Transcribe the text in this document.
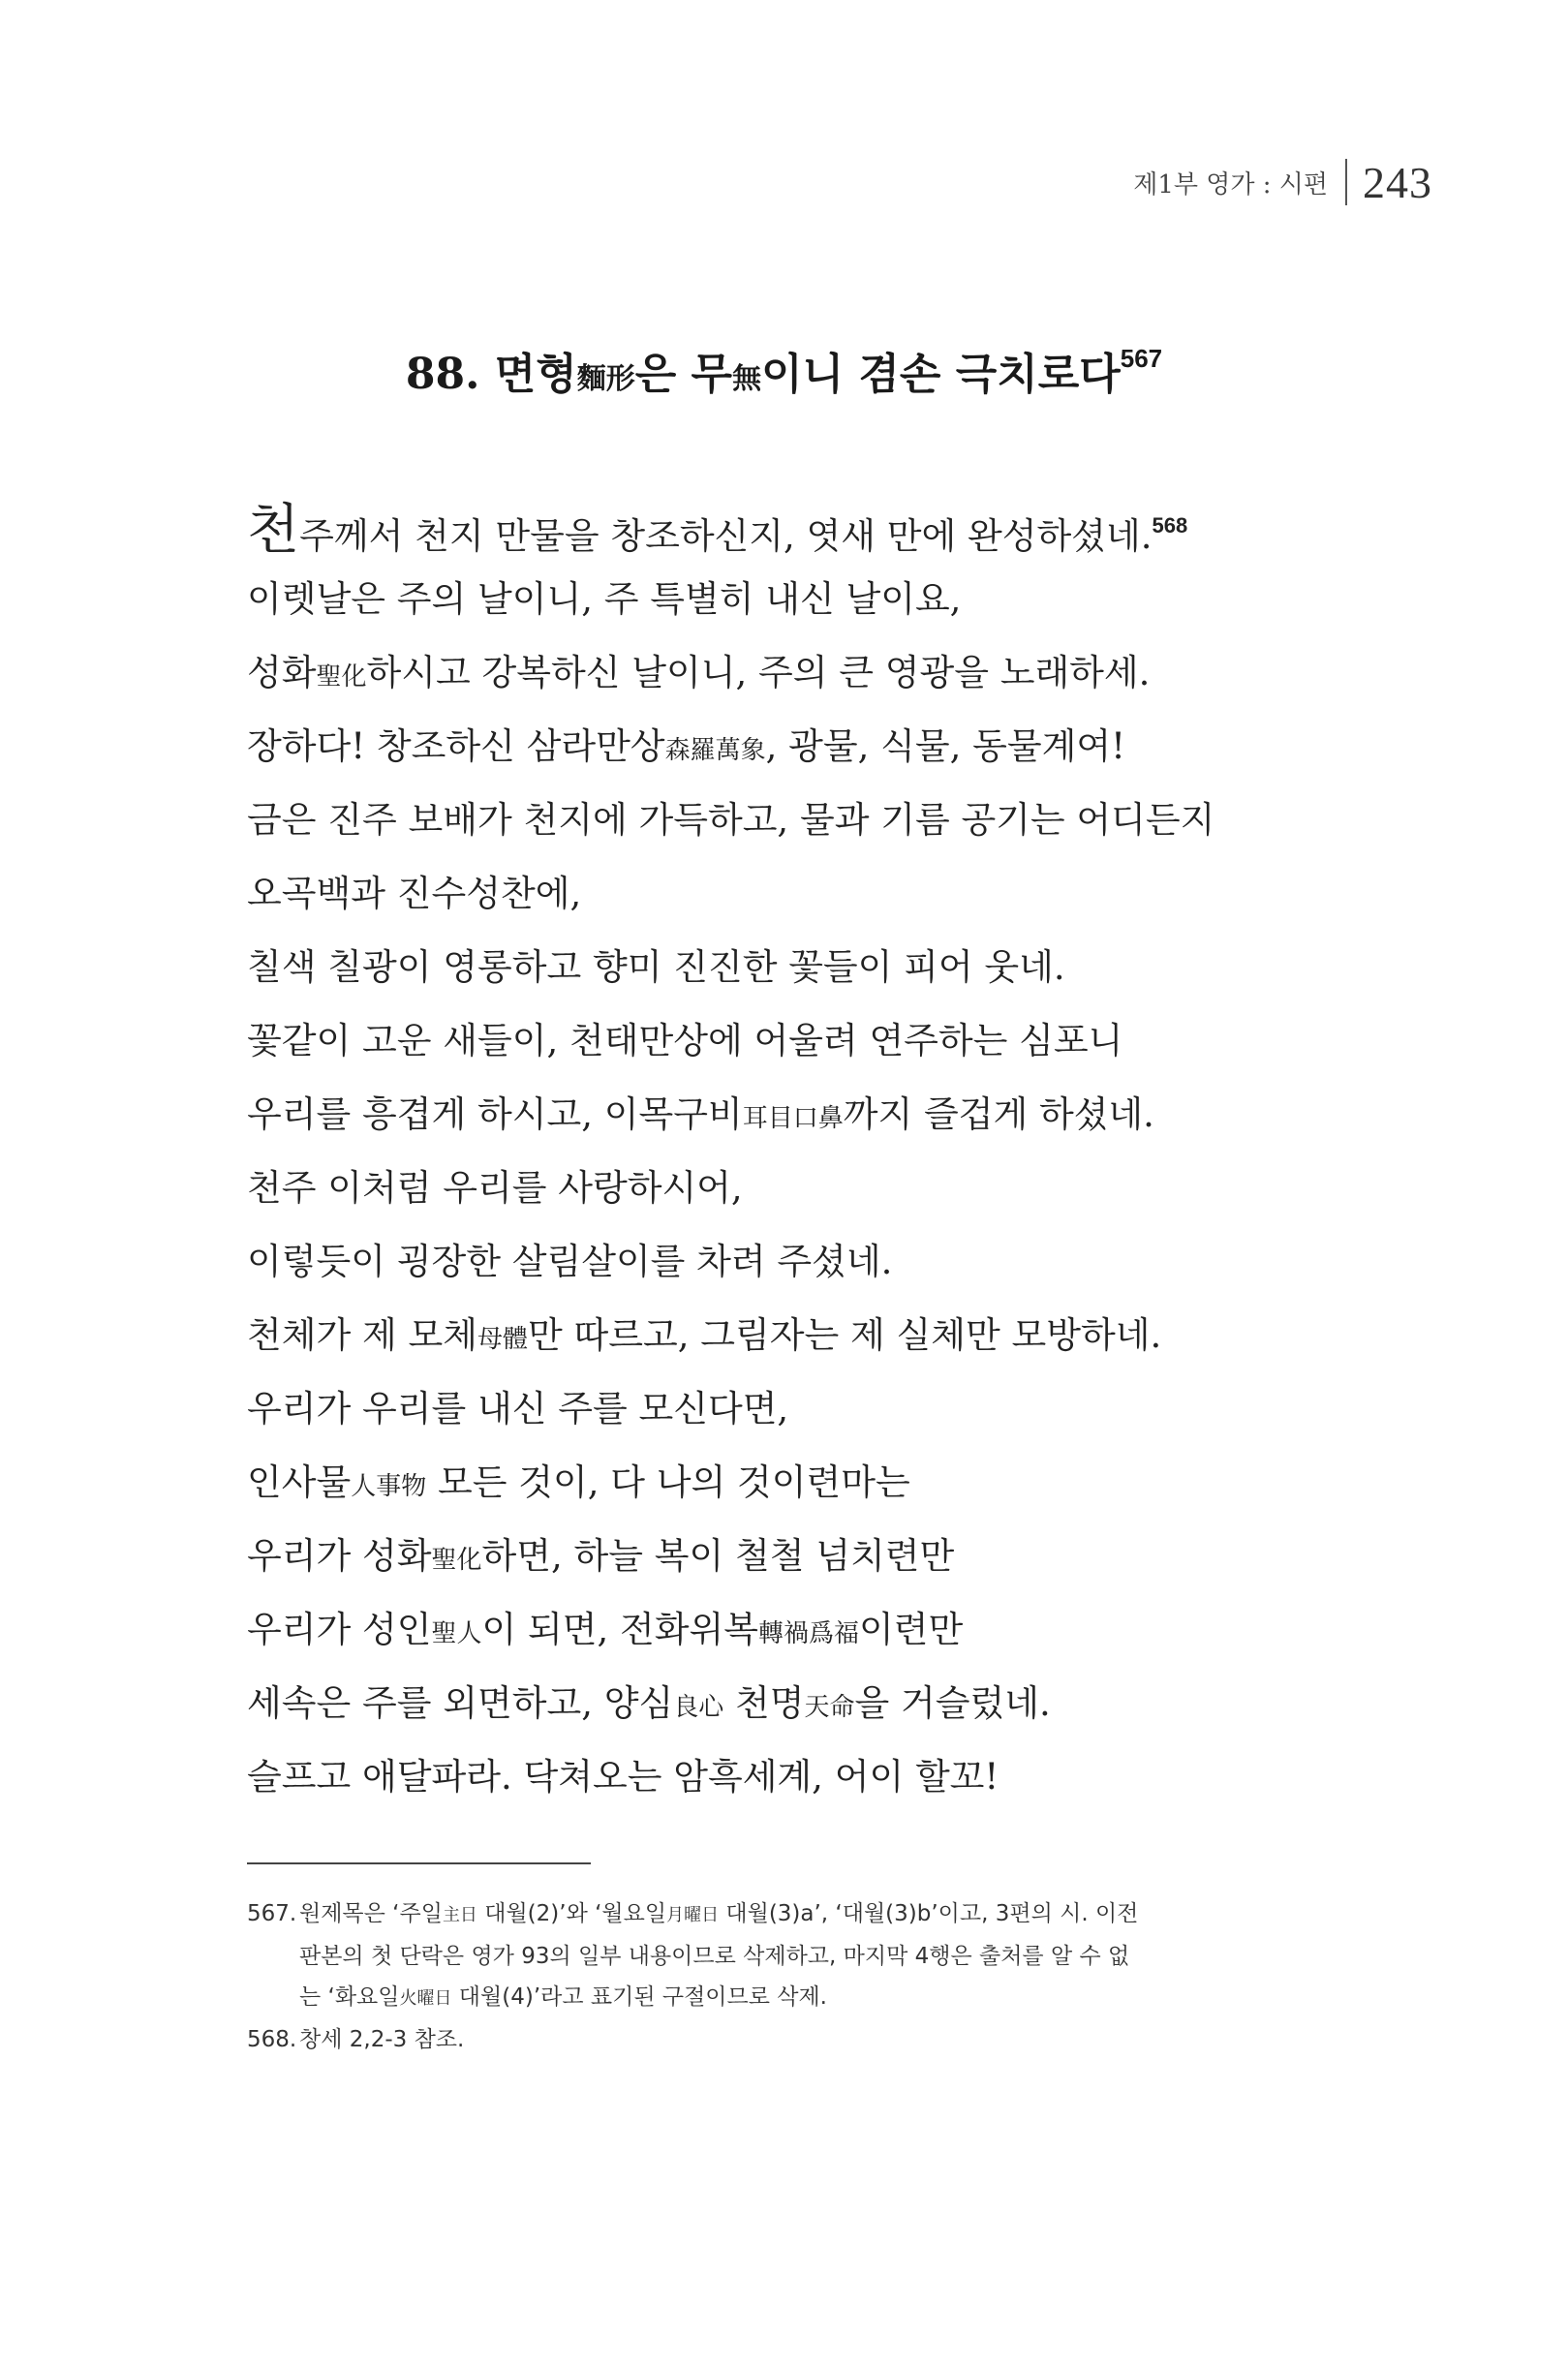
제1부 영가 : 시편 243
88. 면형麵形은 무無이니 겸손 극치로다$^{567}$
천주께서 천지 만물을 창조하신지, 엿새 만에 완성하셨네.$^{568}$
이렛날은 주의 날이니, 주 특별히 내신 날이요,
성화聖化하시고 강복하신 날이니, 주의 큰 영광을 노래하세.
장하다! 창조하신 삼라만상森羅萬象, 광물, 식물, 동물계여!
금은 진주 보배가 천지에 가득하고, 물과 기름 공기는 어디든지
오곡백과 진수성찬에,
칠색 칠광이 영롱하고 향미 진진한 꽃들이 피어 웃네.
꽃같이 고운 새들이, 천태만상에 어울려 연주하는 심포니
우리를 흥겹게 하시고, 이목구비耳目口鼻까지 즐겁게 하셨네.
천주 이처럼 우리를 사랑하시어,
이렇듯이 굉장한 살림살이를 차려 주셨네.
천체가 제 모체母體만 따르고, 그림자는 제 실체만 모방하네.
우리가 우리를 내신 주를 모신다면,
인사물人事物 모든 것이, 다 나의 것이련마는
우리가 성화聖化하면, 하늘 복이 철철 넘치련만
우리가 성인聖人이 되면, 전화위복轉禍爲福이련만
세속은 주를 외면하고, 양심良心 천명天命을 거슬렀네.
슬프고 애달파라. 닥쳐오는 암흑세계, 어이 할꼬!
567. 원제목은 ‘주일主日 대월(2)’와 ‘월요일月曜日 대월(3)a’, ‘대월(3)b’이고, 3편의 시. 이전
판본의 첫 단락은 영가 93의 일부 내용이므로 삭제하고, 마지막 4행은 출처를 알 수 없
는 ‘화요일火曜日 대월(4)’라고 표기된 구절이므로 삭제.
568. 창세 2,2-3 참조.
